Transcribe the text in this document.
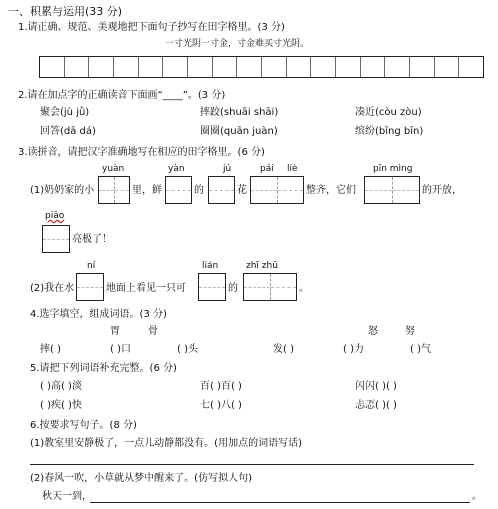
一、积累与运用(33 分)
1.请正确、规范、美观地把下面句子抄写在田字格里。(3 分)
一寸光阴一寸金，寸金难买寸光阴。
2.请在加点字的正确读音下面画“____”。(3 分)
聚会(jù jǜ)	摔跤(shuāi shāi)	凑近(còu zòu)
回答(dā dá)	圈圈(quān juàn)	缤纷(bīng bīn)
3.读拼音，请把汉字准确地写在相应的田字格里。(6 分)
yuàn	yàn	jú	pái liè	pīn mìng
(1)奶奶家的小	里，鲜	的	花	整齐，它们	的开放，
piāo
亮极了！
ní	lián	zhī zhū
(2)我在水	地面上看见一只可	的	。
4.选字填空，组成词语。(3 分)
胃	骨	怒	努
摔( )	( )口	( )头	发( )	( )力	( )气
5.请把下列词语补充完整。(6 分)
( )高( )淡	百( )百( )	闪闪( )( )
( )疾( )快	七( )八( )	忐忑( )( )
6.按要求写句子。(8 分)
(1)教室里安静极了，一点儿动静都没有。(用加点的词语写话)
(2)春风一吹，小草就从梦中醒来了。(仿写拟人句)
秋天一到，	。
